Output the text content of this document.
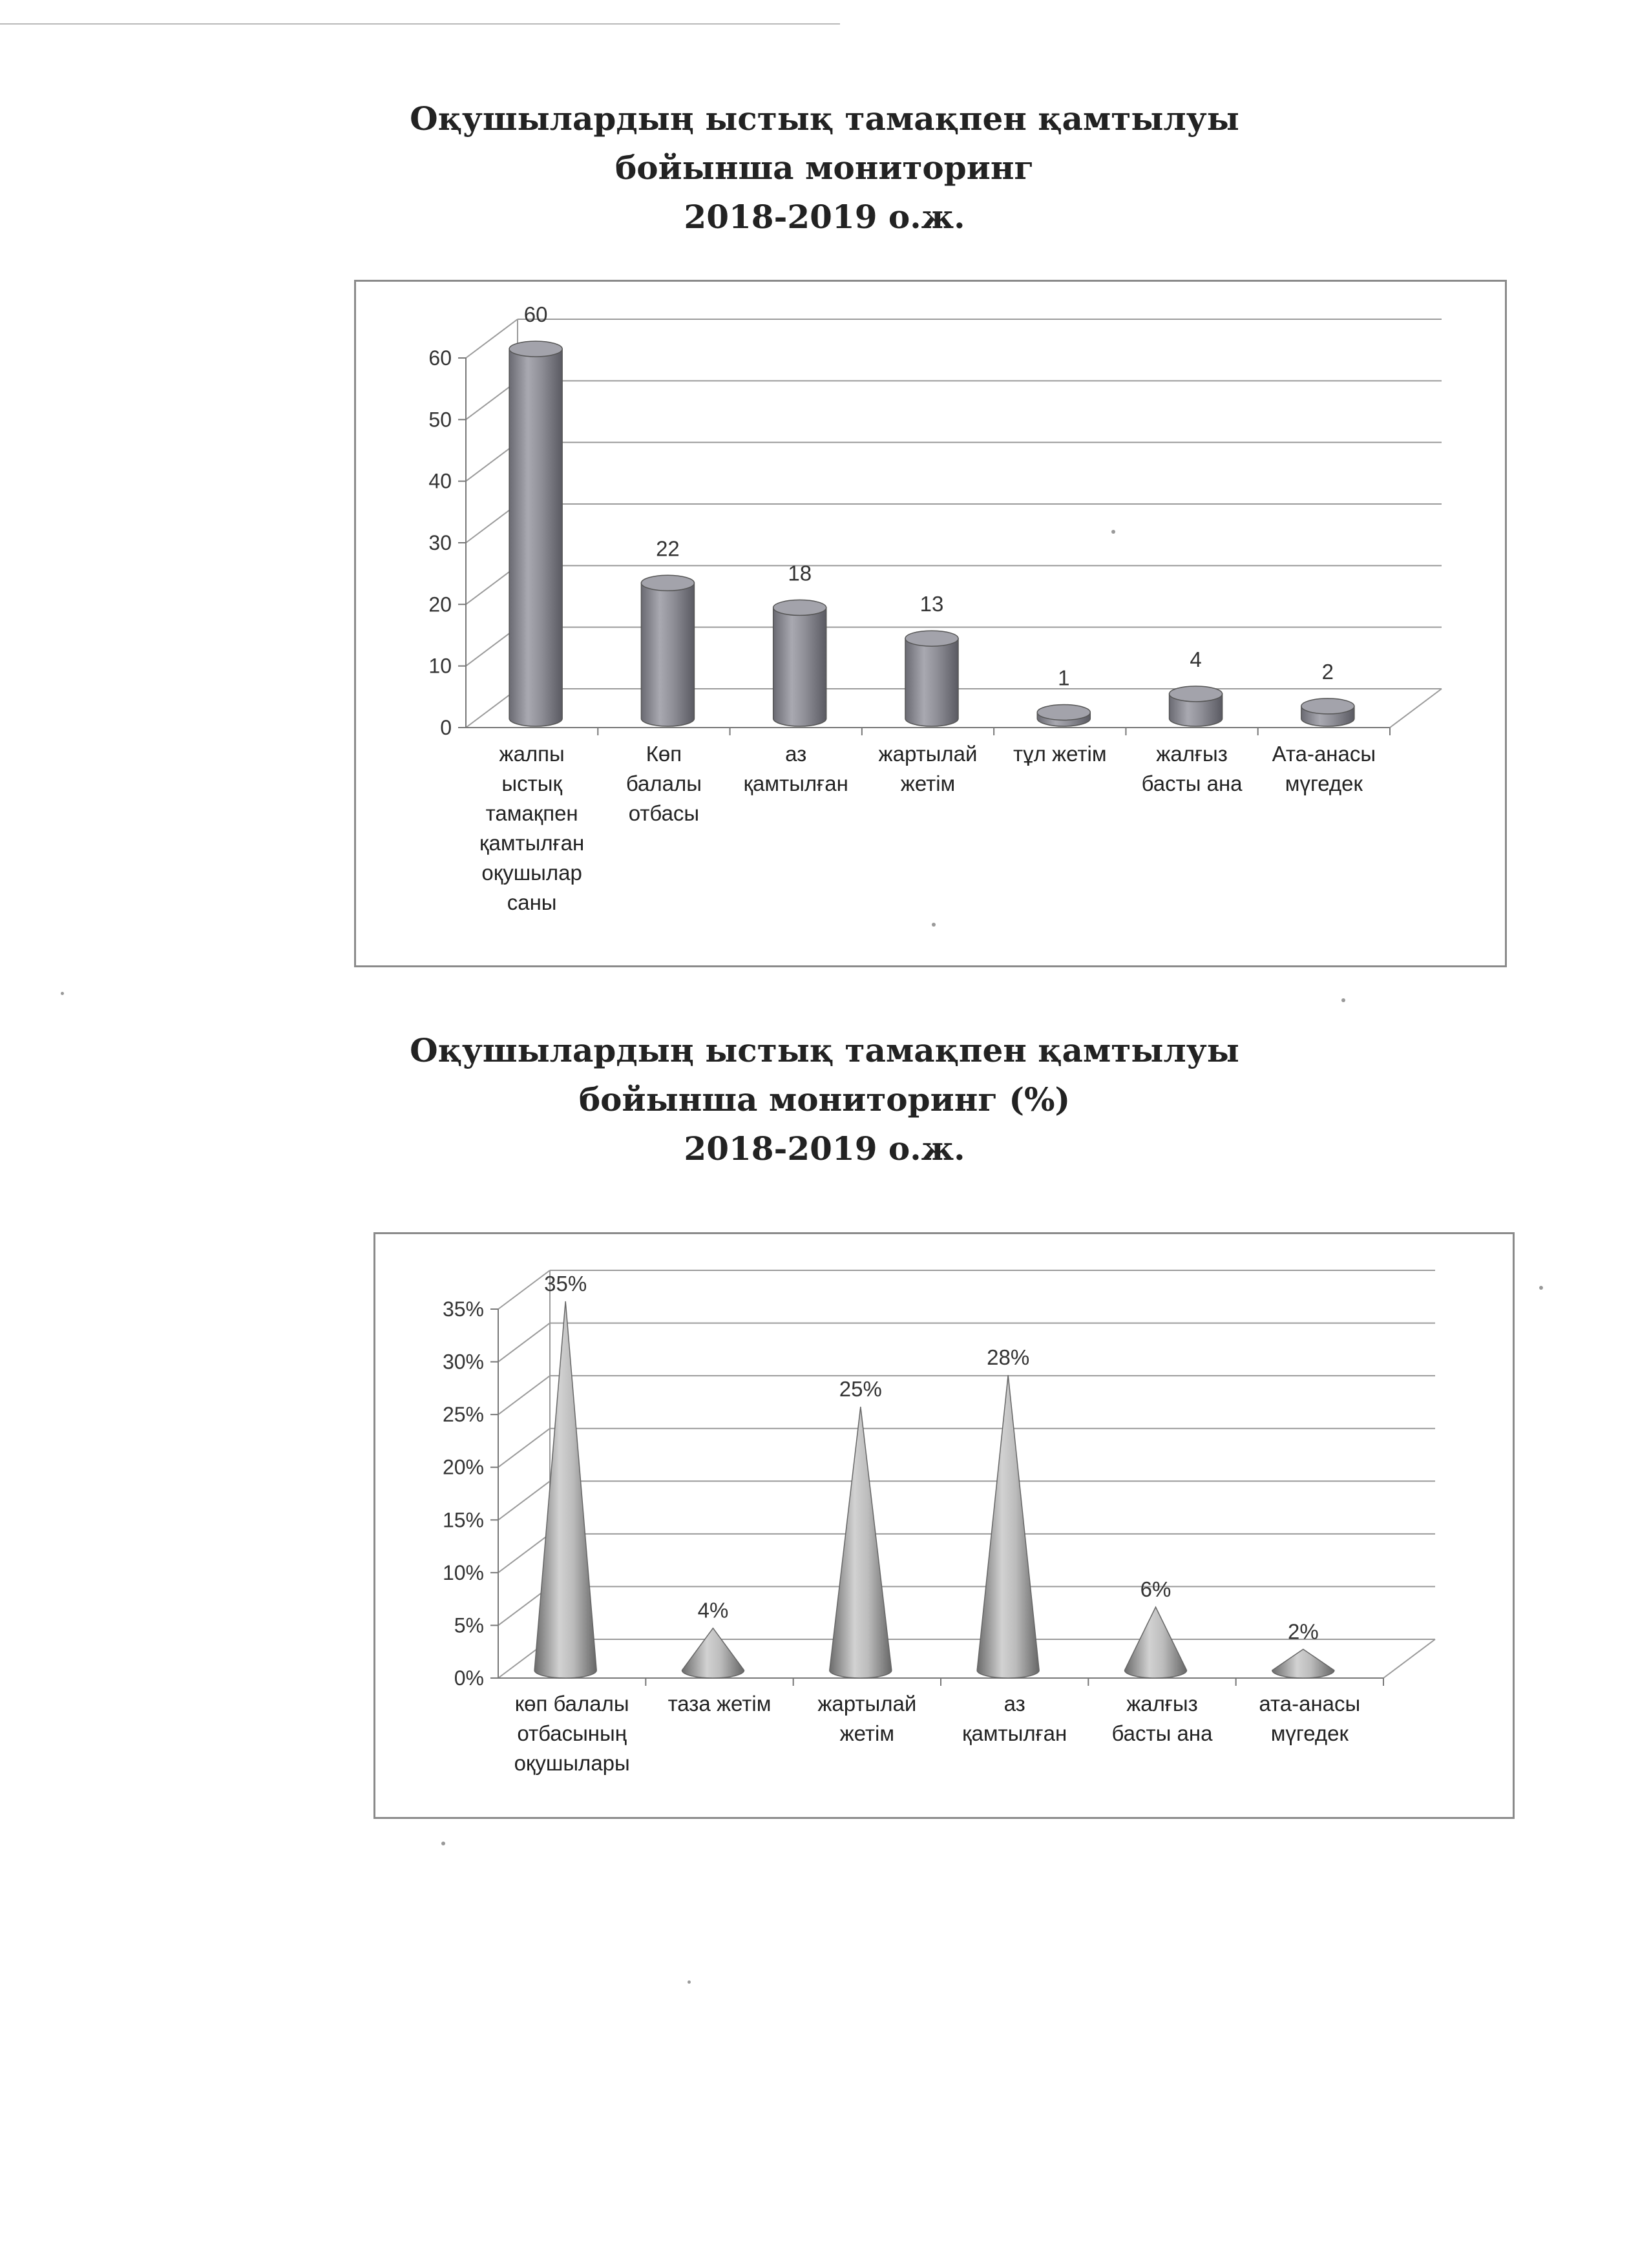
Оқушылардың ыстық тамақпен қамтылуы
бойынша мониторинг
2018-2019 о.ж.
0
10
20
30
40
50
60
60
22
18
13
1
4
2
жалпы
ыстық
тамақпен
қамтылған
оқушылар
саны
Көп
балалы
отбасы
аз
қамтылған
жартылай
жетім
тұл жетім	жалғыз
басты ана
Ата-анасы
мүгедек
Оқушылардың ыстық тамақпен қамтылуы
бойынша мониторинг (%)
2018-2019 о.ж.
0%
5%
10%
15%
20%
25%
30%
35%
35%
4%
25%
28%
6%
2%
көп балалы
отбасының
оқушылары
таза жетім	жартылай
жетім
аз
қамтылған
жалғыз
басты ана
ата-анасы
мүгедек
